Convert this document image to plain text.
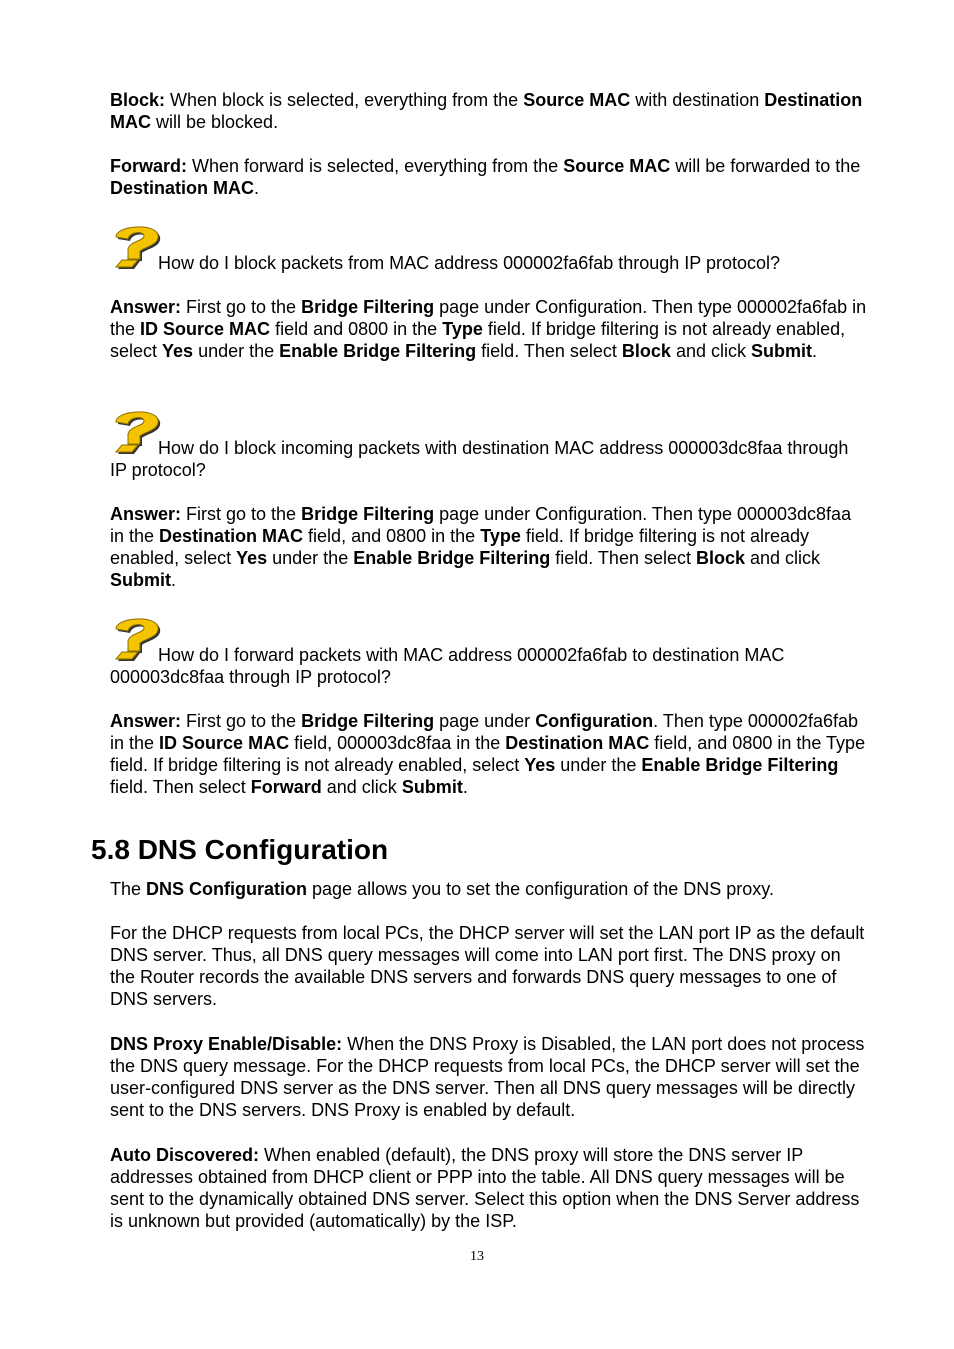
Block: When block is selected, everything from the Source MAC with destination Destination MAC will be blocked.

Forward: When forward is selected, everything from the Source MAC will be forwarded to the Destination MAC.

How do I block packets from MAC address 000002fa6fab through IP protocol?

Answer: First go to the Bridge Filtering page under Configuration. Then type 000002fa6fab in the ID Source MAC field and 0800 in the Type field. If bridge filtering is not already enabled, select Yes under the Enable Bridge Filtering field. Then select Block and click Submit.

How do I block incoming packets with destination MAC address 000003dc8faa through IP protocol?

Answer: First go to the Bridge Filtering page under Configuration. Then type 000003dc8faa in the Destination MAC field, and 0800 in the Type field. If bridge filtering is not already enabled, select Yes under the Enable Bridge Filtering field. Then select Block and click Submit.

How do I forward packets with MAC address 000002fa6fab to destination MAC 000003dc8faa through IP protocol?

Answer: First go to the Bridge Filtering page under Configuration. Then type 000002fa6fab in the ID Source MAC field, 000003dc8faa in the Destination MAC field, and 0800 in the Type field. If bridge filtering is not already enabled, select Yes under the Enable Bridge Filtering field. Then select Forward and click Submit.

5.8 DNS Configuration

The DNS Configuration page allows you to set the configuration of the DNS proxy.

For the DHCP requests from local PCs, the DHCP server will set the LAN port IP as the default DNS server. Thus, all DNS query messages will come into LAN port first. The DNS proxy on the Router records the available DNS servers and forwards DNS query messages to one of DNS servers.

DNS Proxy Enable/Disable: When the DNS Proxy is Disabled, the LAN port does not process the DNS query message. For the DHCP requests from local PCs, the DHCP server will set the user-configured DNS server as the DNS server. Then all DNS query messages will be directly sent to the DNS servers. DNS Proxy is enabled by default.

Auto Discovered: When enabled (default), the DNS proxy will store the DNS server IP addresses obtained from DHCP client or PPP into the table. All DNS query messages will be sent to the dynamically obtained DNS server. Select this option when the DNS Server address is unknown but provided (automatically) by the ISP.

13
